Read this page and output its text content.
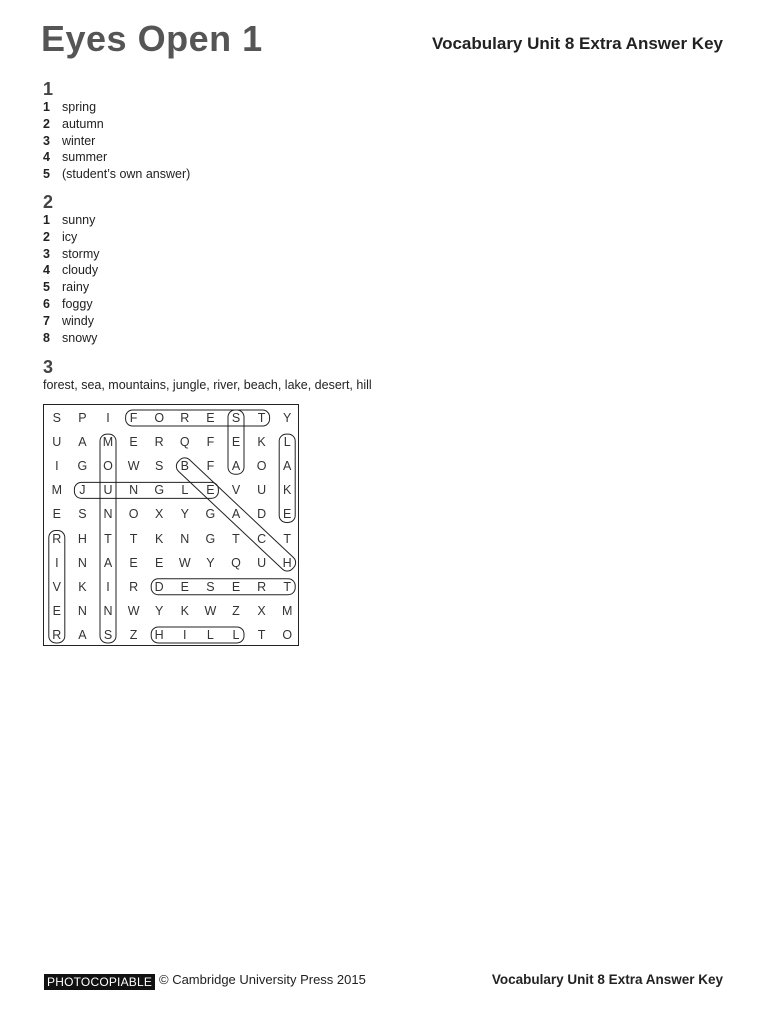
Eyes Open 1	Vocabulary Unit 8 Extra Answer Key
1
1 spring
2 autumn
3 winter
4 summer
5 (student’s own answer)
2
1 sunny
2 icy
3 stormy
4 cloudy
5 rainy
6 foggy
7 windy
8 snowy
3
forest, sea, mountains, jungle, river, beach, lake, desert, hill
S	P	I	F	O	R	E	S	T	Y
U	A	M	E	R	Q	F	E	K	L
I	G	O	W	S	B	F	A	O	A
M	J	U	N	G	L	E	V	U	K
E	S	N	O	X	Y	G	A	D	E
R	H	T	T	K	N	G	T	C	T
I	N	A	E	E	W	Y	Q	U	H
V	K	I	R	D	E	S	E	R	T
E	N	N	W	Y	K	W	Z	X	M
R	A	S	Z	H	I	L	L	T	O
PHOTOCOPIABLE © Cambridge University Press 2015	Vocabulary Unit 8 Extra Answer Key
